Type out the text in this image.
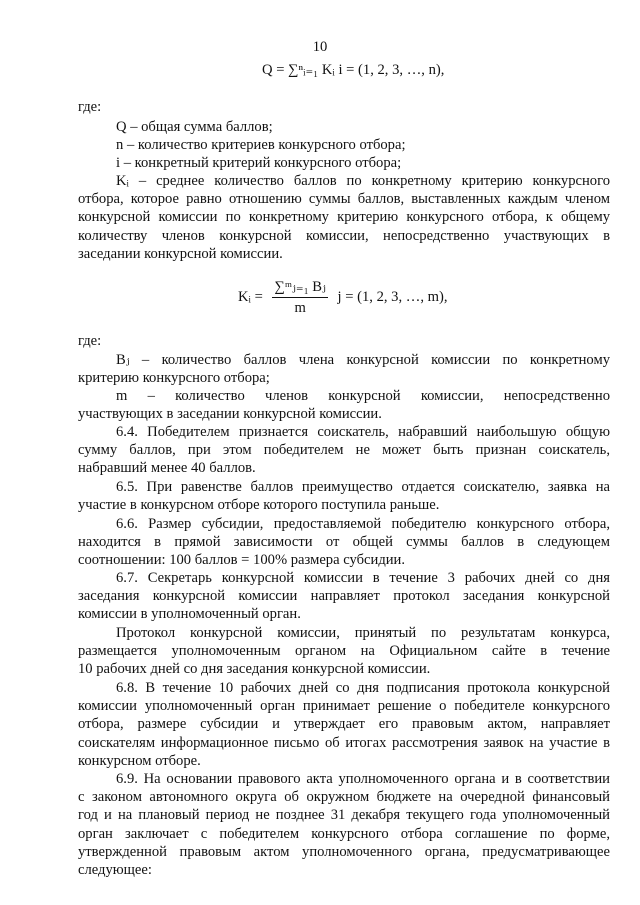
10
Q = ∑ⁿᵢ₌₁ Kᵢ i = (1, 2, 3, …, n),
где:
Q – общая сумма баллов;
n – количество критериев конкурсного отбора;
i – конкретный критерий конкурсного отбора;
Kᵢ – среднее количество баллов по конкретному критерию конкурсного
отбора, которое равно отношению суммы баллов, выставленных каждым членом
конкурсной комиссии по конкретному критерию конкурсного отбора, к общему
количеству членов конкурсной комиссии, непосредственно участвующих в
заседании конкурсной комиссии.
Kᵢ = $\frac{\text{∑ᵐⱼ₌₁ Bⱼ}}{m}$ j = (1, 2, 3, …, m),
где:
Bⱼ – количество баллов члена конкурсной комиссии по конкретному
критерию конкурсного отбора;
m – количество членов конкурсной комиссии, непосредственно
участвующих в заседании конкурсной комиссии.
6.4. Победителем признается соискатель, набравший наибольшую общую
сумму баллов, при этом победителем не может быть признан соискатель,
набравший менее 40 баллов.
6.5. При равенстве баллов преимущество отдается соискателю, заявка на
участие в конкурсном отборе которого поступила раньше.
6.6. Размер субсидии, предоставляемой победителю конкурсного отбора,
находится в прямой зависимости от общей суммы баллов в следующем
соотношении: 100 баллов = 100% размера субсидии.
6.7. Секретарь конкурсной комиссии в течение 3 рабочих дней со дня
заседания конкурсной комиссии направляет протокол заседания конкурсной
комиссии в уполномоченный орган.
Протокол конкурсной комиссии, принятый по результатам конкурса,
размещается уполномоченным органом на Официальном сайте в течение
10 рабочих дней со дня заседания конкурсной комиссии.
6.8. В течение 10 рабочих дней со дня подписания протокола конкурсной
комиссии уполномоченный орган принимает решение о победителе конкурсного
отбора, размере субсидии и утверждает его правовым актом, направляет
соискателям информационное письмо об итогах рассмотрения заявок на участие в
конкурсном отборе.
6.9. На основании правового акта уполномоченного органа и в соответствии
с законом автономного округа об окружном бюджете на очередной финансовый
год и на плановый период не позднее 31 декабря текущего года уполномоченный
орган заключает с победителем конкурсного отбора соглашение по форме,
утвержденной правовым актом уполномоченного органа, предусматривающее
следующее:
